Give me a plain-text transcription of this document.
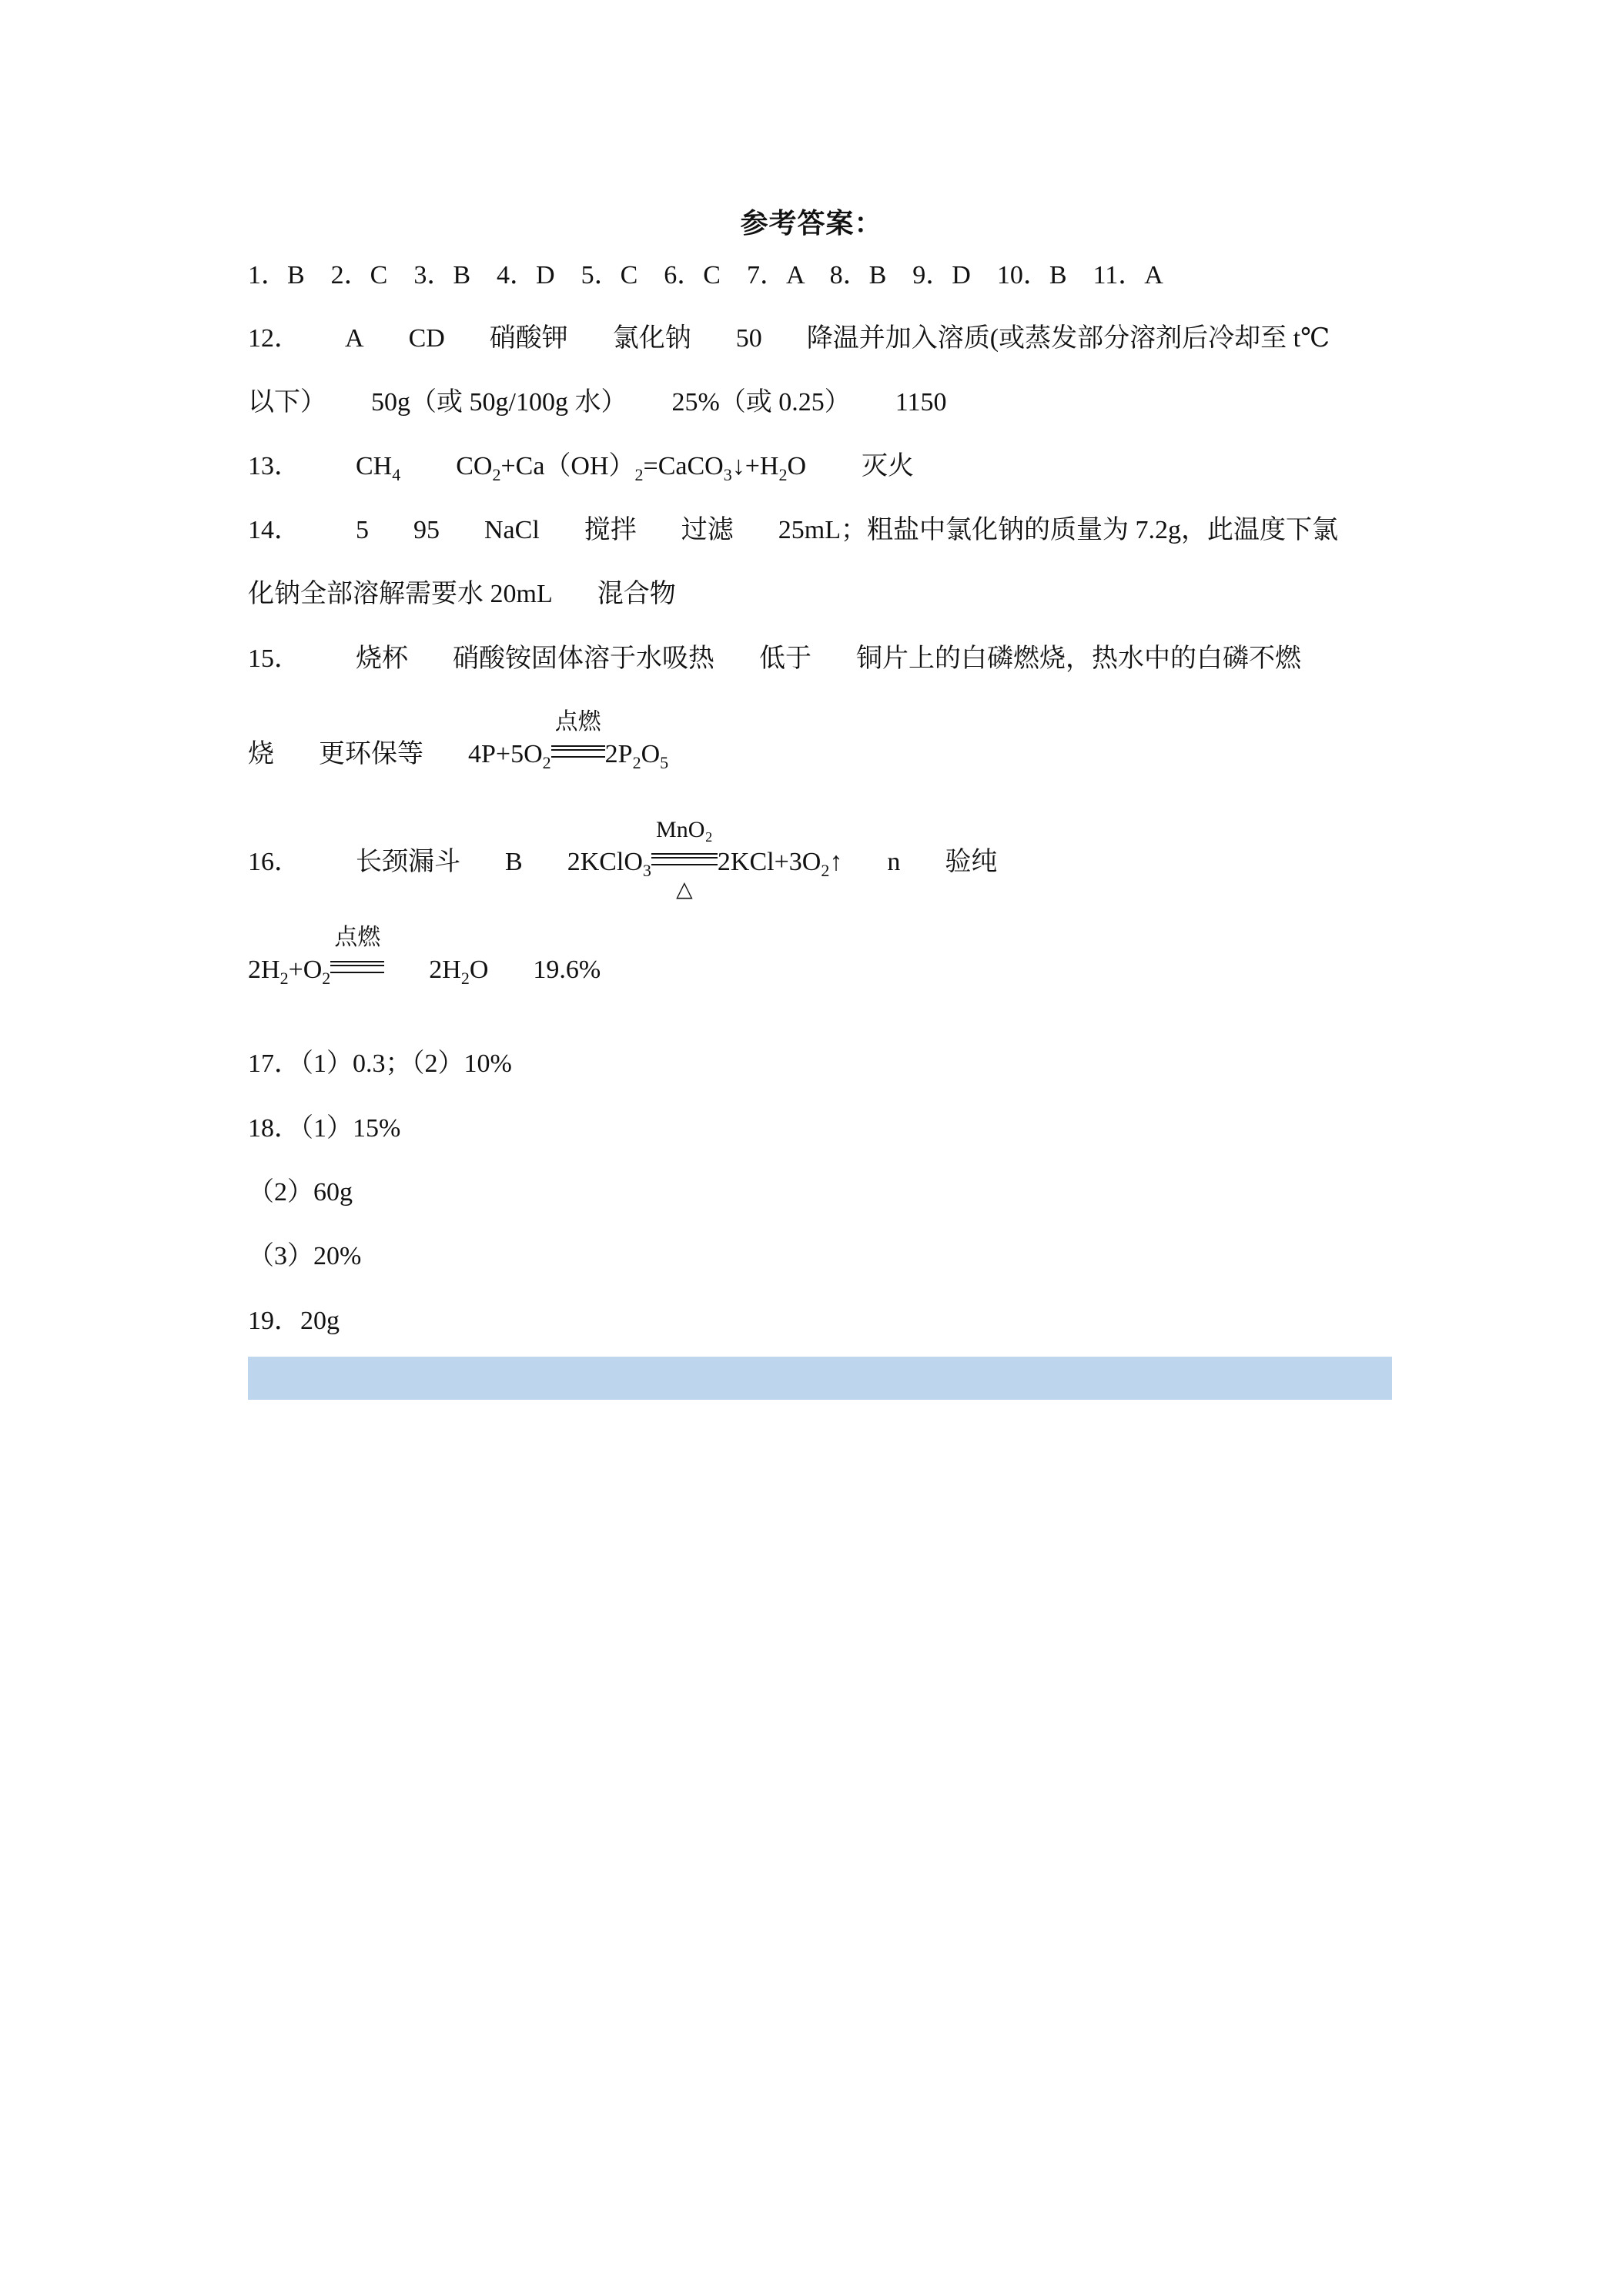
参考答案：
1．B　2．C　3．B　4．D　5．C　6．C　7．A　8．B　9．D　10．B　11．A
12． A CD 硝酸钾 氯化钠 50 降温并加入溶质(或蒸发部分溶剂后冷却至 t℃
以下） 50g（或 50g/100g 水） 25%（或 0.25） 1150
13． $CH_4$ $CO_2+Ca(OH)_2=CaCO_3↓+H_2O$ 灭火
14． 5 95 NaCl 搅拌 过滤 25mL；粗盐中氯化钠的质量为 7.2g，此温度下氯
化钠全部溶解需要水 20mL 混合物
15． 烧杯 硝酸铵固体溶于水吸热 低于 铜片上的白磷燃烧，热水中的白磷不燃
烧 更环保等 $4P+5O_2$
点燃
$2P_2O_5$
16． 长颈漏斗 B 2KClO$_3$
MnO₂
△
$2KCl+3O_2↑$ n 验纯
$2H_2+O_2$
点燃
$2H_2O$ 19.6%
17．（1）0.3；（2）10%
18．（1）15%
（2）60g
（3）20%
19．20g
